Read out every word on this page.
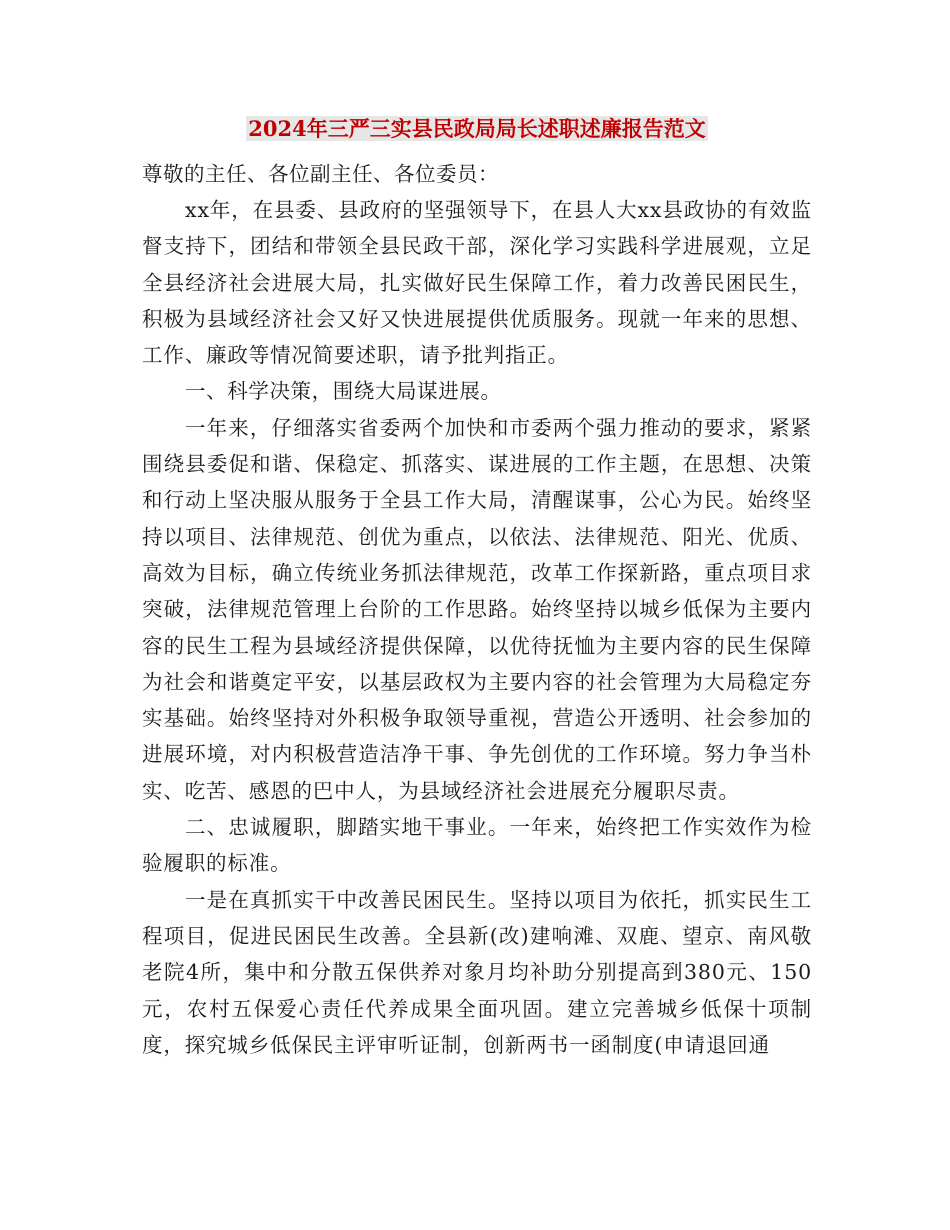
2024年三严三实县民政局局长述职述廉报告范文

尊敬的主任、各位副主任、各位委员：

xx年，在县委、县政府的坚强领导下，在县人大xx县政协的有效监督支持下，团结和带领全县民政干部，深化学习实践科学进展观，立足全县经济社会进展大局，扎实做好民生保障工作，着力改善民困民生，积极为县域经济社会又好又快进展提供优质服务。现就一年来的思想、工作、廉政等情况简要述职，请予批判指正。

一、科学决策，围绕大局谋进展。

一年来，仔细落实省委两个加快和市委两个强力推动的要求，紧紧围绕县委促和谐、保稳定、抓落实、谋进展的工作主题，在思想、决策和行动上坚决服从服务于全县工作大局，清醒谋事，公心为民。始终坚持以项目、法律规范、创优为重点，以依法、法律规范、阳光、优质、高效为目标，确立传统业务抓法律规范，改革工作探新路，重点项目求突破，法律规范管理上台阶的工作思路。始终坚持以城乡低保为主要内容的民生工程为县域经济提供保障，以优待抚恤为主要内容的民生保障为社会和谐奠定平安，以基层政权为主要内容的社会管理为大局稳定夯实基础。始终坚持对外积极争取领导重视，营造公开透明、社会参加的进展环境，对内积极营造洁净干事、争先创优的工作环境。努力争当朴实、吃苦、感恩的巴中人，为县域经济社会进展充分履职尽责。

二、忠诚履职，脚踏实地干事业。一年来，始终把工作实效作为检验履职的标准。

一是在真抓实干中改善民困民生。坚持以项目为依托，抓实民生工程项目，促进民困民生改善。全县新(改)建响滩、双鹿、望京、南风敬老院4所，集中和分散五保供养对象月均补助分别提高到380元、150元，农村五保爱心责任代养成果全面巩固。建立完善城乡低保十项制度，探究城乡低保民主评审听证制，创新两书一函制度(申请退回通
